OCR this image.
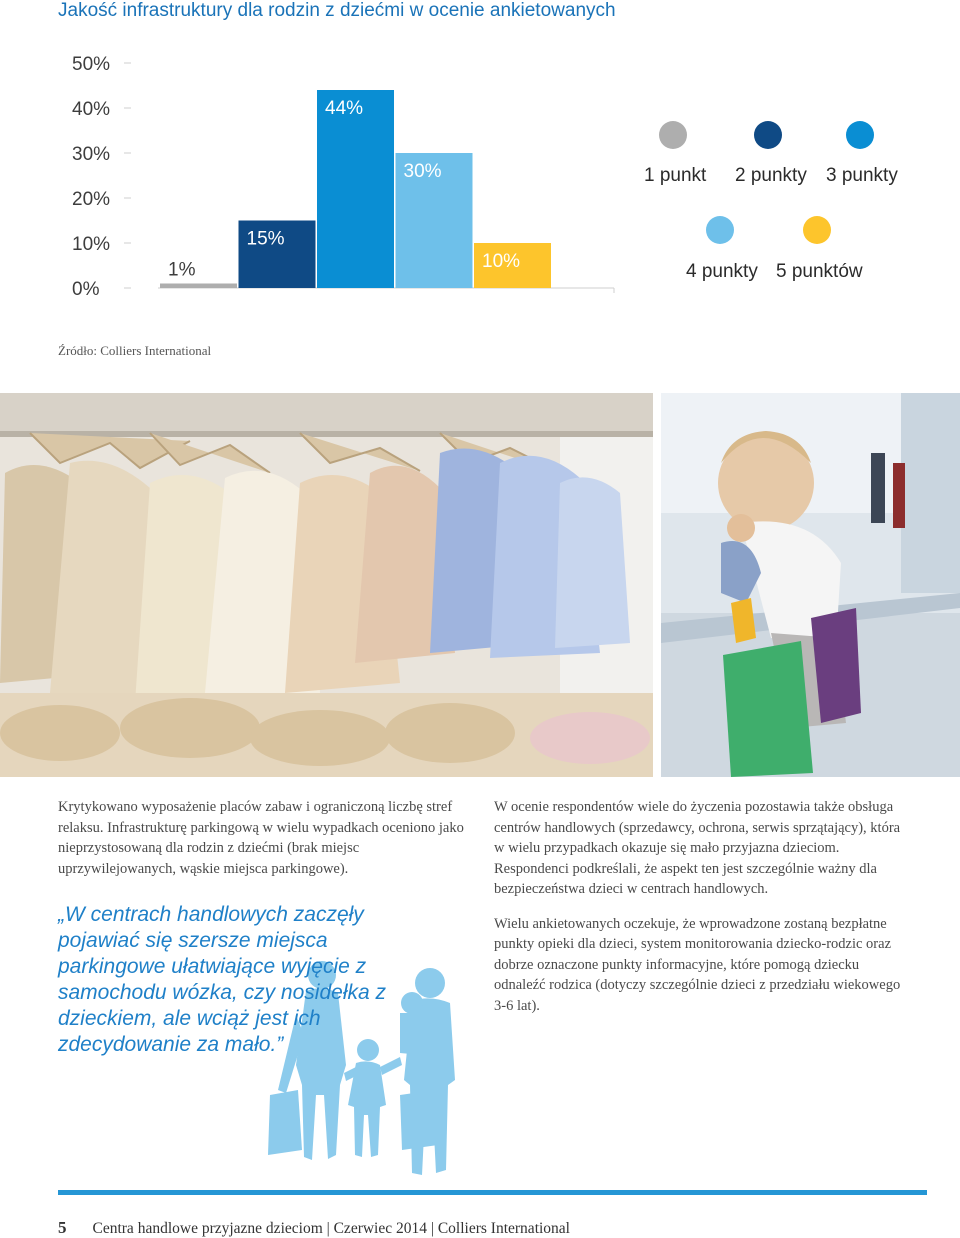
Jakość infrastruktury dla rodzin z dziećmi w ocenie ankietowanych
0%
10%
20%
30%
40%
50%
1%
15%
44%
30%
10%
1 punkt 2 punkty 3 punkty
4 punkty 5 punktów
Źródło: Colliers International

Krytykowano wyposażenie placów zabaw i ograniczoną liczbę stref relaksu. Infrastrukturę parkingową w wielu wypadkach oceniono jako nieprzystosowaną dla rodzin z dziećmi (brak miejsc uprzywilejowanych, wąskie miejsca parkingowe).

„W centrach handlowych zaczęły pojawiać się szersze miejsca parkingowe ułatwiające wyjęcie z samochodu wózka, czy nosidełka z dzieckiem, ale wciąż jest ich zdecydowanie za mało.”

W ocenie respondentów wiele do życzenia pozostawia także obsługa centrów handlowych (sprzedawcy, ochrona, serwis sprzątający), która w wielu przypadkach okazuje się mało przyjazna dzieciom. Respondenci podkreślali, że aspekt ten jest szczególnie ważny dla bezpieczeństwa dzieci w centrach handlowych.

Wielu ankietowanych oczekuje, że wprowadzone zostaną bezpłatne punkty opieki dla dzieci, system monitorowania dziecko-rodzic oraz dobrze oznaczone punkty informacyjne, które pomogą dziecku odnaleźć rodzica (dotyczy szczególnie dzieci z przedziału wiekowego 3-6 lat).

5 Centra handlowe przyjazne dzieciom | Czerwiec 2014 | Colliers International
